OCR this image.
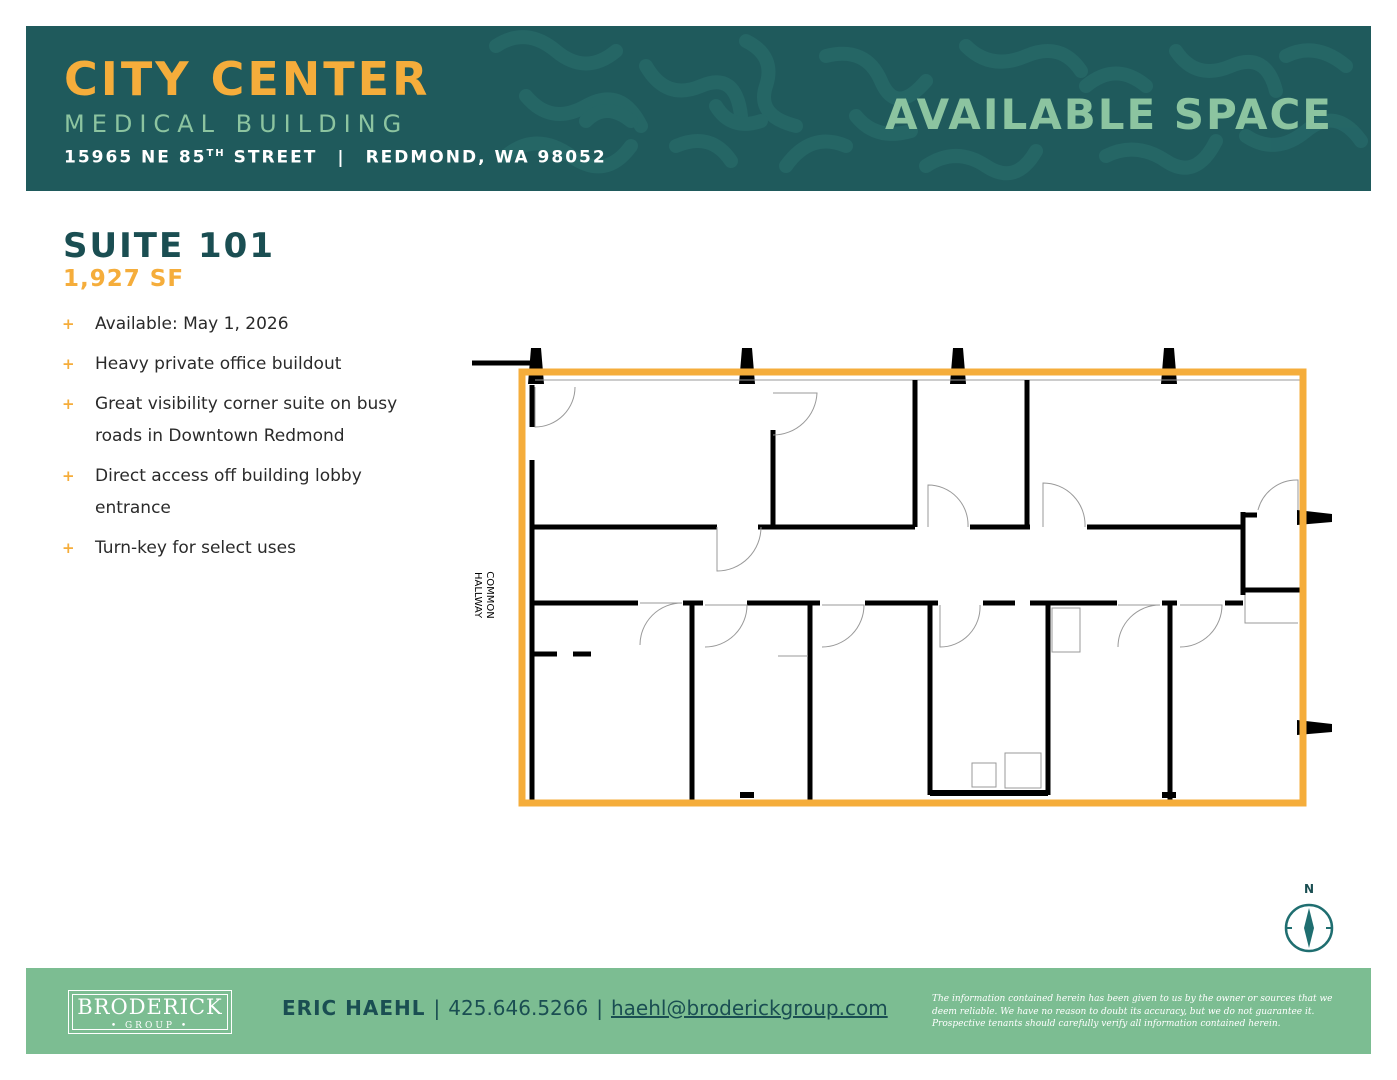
CITY CENTER
MEDICAL BUILDING
15965 NE 85TH STREET | REDMOND, WA 98052
AVAILABLE SPACE
SUITE 101
1,927 SF
+ Available: May 1, 2026
+ Heavy private office buildout
+ Great visibility corner suite on busy roads in Downtown Redmond
+ Direct access off building lobby entrance
+ Turn-key for select uses
COMMON
HALLWAY
N
BRODERICK
• GROUP •
ERIC HAEHL | 425.646.5266 | haehl@broderickgroup.com	The information contained herein has been given to us by the owner or sources that we deem reliable. We have no reason to doubt its accuracy, but we do not guarantee it. Prospective tenants should carefully verify all information contained herein.
